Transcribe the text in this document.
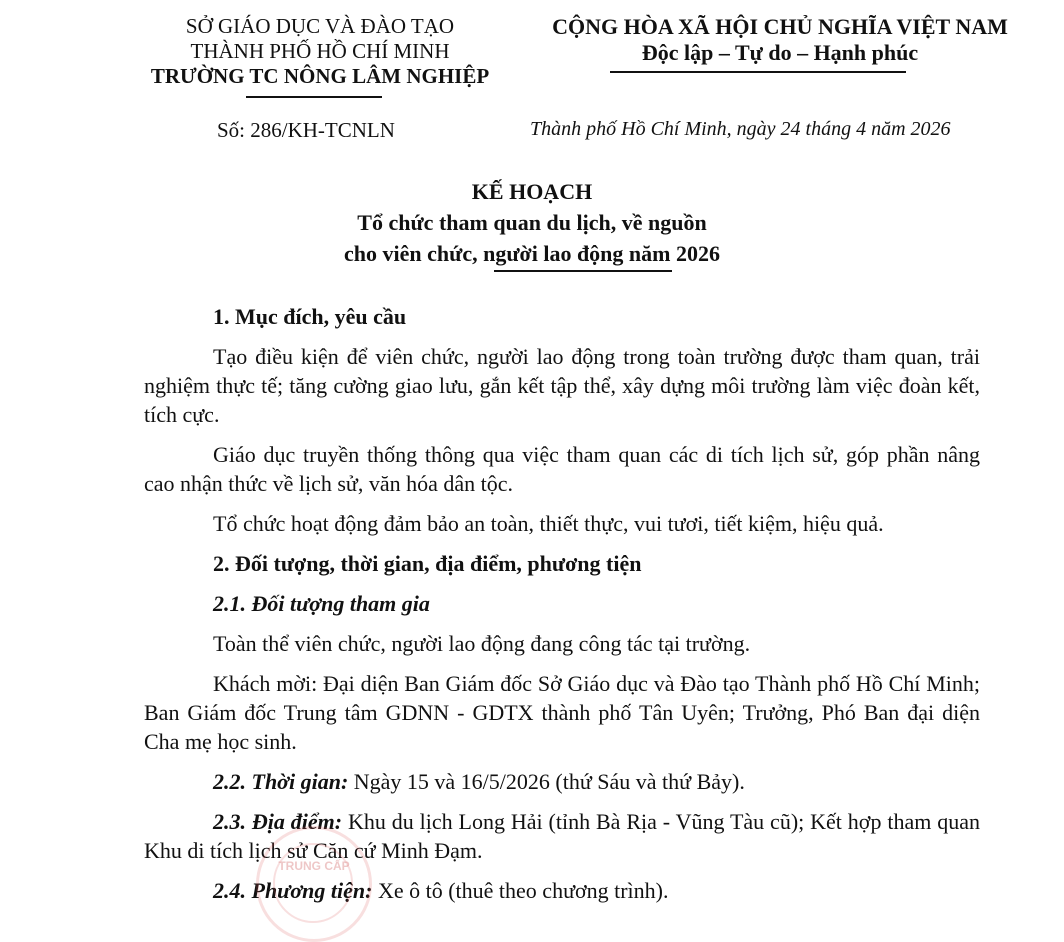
SỞ GIÁO DỤC VÀ ĐÀO TẠO
THÀNH PHỐ HỒ CHÍ MINH
TRƯỜNG TC NÔNG LÂM NGHIỆP
CỘNG HÒA XÃ HỘI CHỦ NGHĨA VIỆT NAM
Độc lập – Tự do – Hạnh phúc
Số: 286/KH-TCNLN	Thành phố Hồ Chí Minh, ngày 24 tháng 4 năm 2026
KẾ HOẠCH
Tổ chức tham quan du lịch, về nguồn
cho viên chức, người lao động năm 2026

1. Mục đích, yêu cầu

Tạo điều kiện để viên chức, người lao động trong toàn trường được tham quan, trải nghiệm thực tế; tăng cường giao lưu, gắn kết tập thể, xây dựng môi trường làm việc đoàn kết, tích cực.

Giáo dục truyền thống thông qua việc tham quan các di tích lịch sử, góp phần nâng cao nhận thức về lịch sử, văn hóa dân tộc.

Tổ chức hoạt động đảm bảo an toàn, thiết thực, vui tươi, tiết kiệm, hiệu quả.

2. Đối tượng, thời gian, địa điểm, phương tiện

2.1. Đối tượng tham gia

Toàn thể viên chức, người lao động đang công tác tại trường.

Khách mời: Đại diện Ban Giám đốc Sở Giáo dục và Đào tạo Thành phố Hồ Chí Minh; Ban Giám đốc Trung tâm GDNN - GDTX thành phố Tân Uyên; Trưởng, Phó Ban đại diện Cha mẹ học sinh.

2.2. Thời gian: Ngày 15 và 16/5/2026 (thứ Sáu và thứ Bảy).

2.3. Địa điểm: Khu du lịch Long Hải (tỉnh Bà Rịa - Vũng Tàu cũ); Kết hợp tham quan Khu di tích lịch sử Căn cứ Minh Đạm.

2.4. Phương tiện: Xe ô tô (thuê theo chương trình).

TRUNG CẤP
